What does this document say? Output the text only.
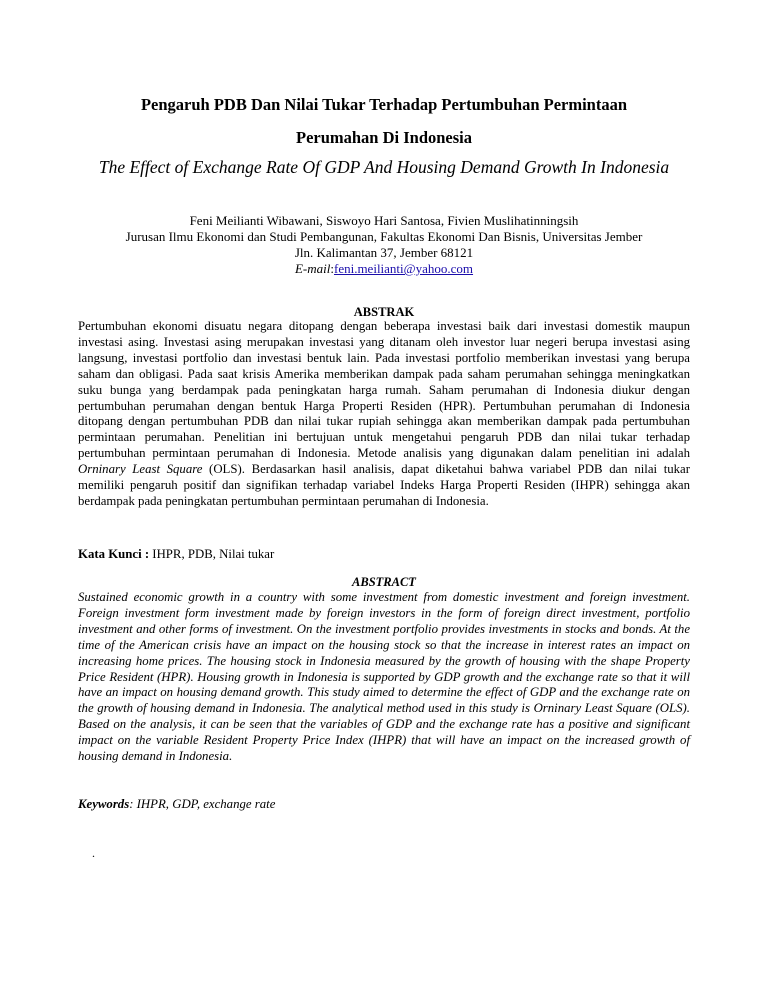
Pengaruh PDB Dan Nilai Tukar Terhadap Pertumbuhan Permintaan

Perumahan Di Indonesia

The Effect of Exchange Rate Of GDP And Housing Demand Growth In Indonesia

Feni Meilianti Wibawani, Siswoyo Hari Santosa, Fivien Muslihatinningsih
Jurusan Ilmu Ekonomi dan Studi Pembangunan, Fakultas Ekonomi Dan Bisnis, Universitas Jember
Jln. Kalimantan 37, Jember 68121
E-mail:feni.meilianti@yahoo.com
ABSTRAK

Pertumbuhan ekonomi disuatu negara ditopang dengan beberapa investasi baik dari investasi domestik maupun investasi asing. Investasi asing merupakan investasi yang ditanam oleh investor luar negeri berupa investasi asing langsung, investasi portfolio dan investasi bentuk lain. Pada investasi portfolio memberikan investasi yang berupa saham dan obligasi. Pada saat krisis Amerika memberikan dampak pada saham perumahan sehingga meningkatkan suku bunga yang berdampak pada peningkatan harga rumah. Saham perumahan di Indonesia diukur dengan pertumbuhan perumahan dengan bentuk Harga Properti Residen (HPR). Pertumbuhan perumahan di Indonesia ditopang dengan pertumbuhan PDB dan nilai tukar rupiah sehingga akan memberikan dampak pada pertumbuhan permintaan perumahan. Penelitian ini bertujuan untuk mengetahui pengaruh PDB dan nilai tukar terhadap pertumbuhan permintaan perumahan di Indonesia. Metode analisis yang digunakan dalam penelitian ini adalah Orninary Least Square (OLS). Berdasarkan hasil analisis, dapat diketahui bahwa variabel PDB dan nilai tukar memiliki pengaruh positif dan signifikan terhadap variabel Indeks Harga Properti Residen (IHPR) sehingga akan berdampak pada peningkatan pertumbuhan permintaan perumahan di Indonesia.

Kata Kunci : IHPR, PDB, Nilai tukar
ABSTRACT

Sustained economic growth in a country with some investment from domestic investment and foreign investment. Foreign investment form investment made by foreign investors in the form of foreign direct investment, portfolio investment and other forms of investment. On the investment portfolio provides investments in stocks and bonds. At the time of the American crisis have an impact on the housing stock so that the increase in interest rates an impact on increasing home prices. The housing stock in Indonesia measured by the growth of housing with the shape Property Price Resident (HPR). Housing growth in Indonesia is supported by GDP growth and the exchange rate so that it will have an impact on housing demand growth. This study aimed to determine the effect of GDP and the exchange rate on the growth of housing demand in Indonesia. The analytical method used in this study is Orninary Least Square (OLS). Based on the analysis, it can be seen that the variables of GDP and the exchange rate has a positive and significant impact on the variable Resident Property Price Index (IHPR) that will have an impact on the increased growth of housing demand in Indonesia.

Keywords: IHPR, GDP, exchange rate
.
